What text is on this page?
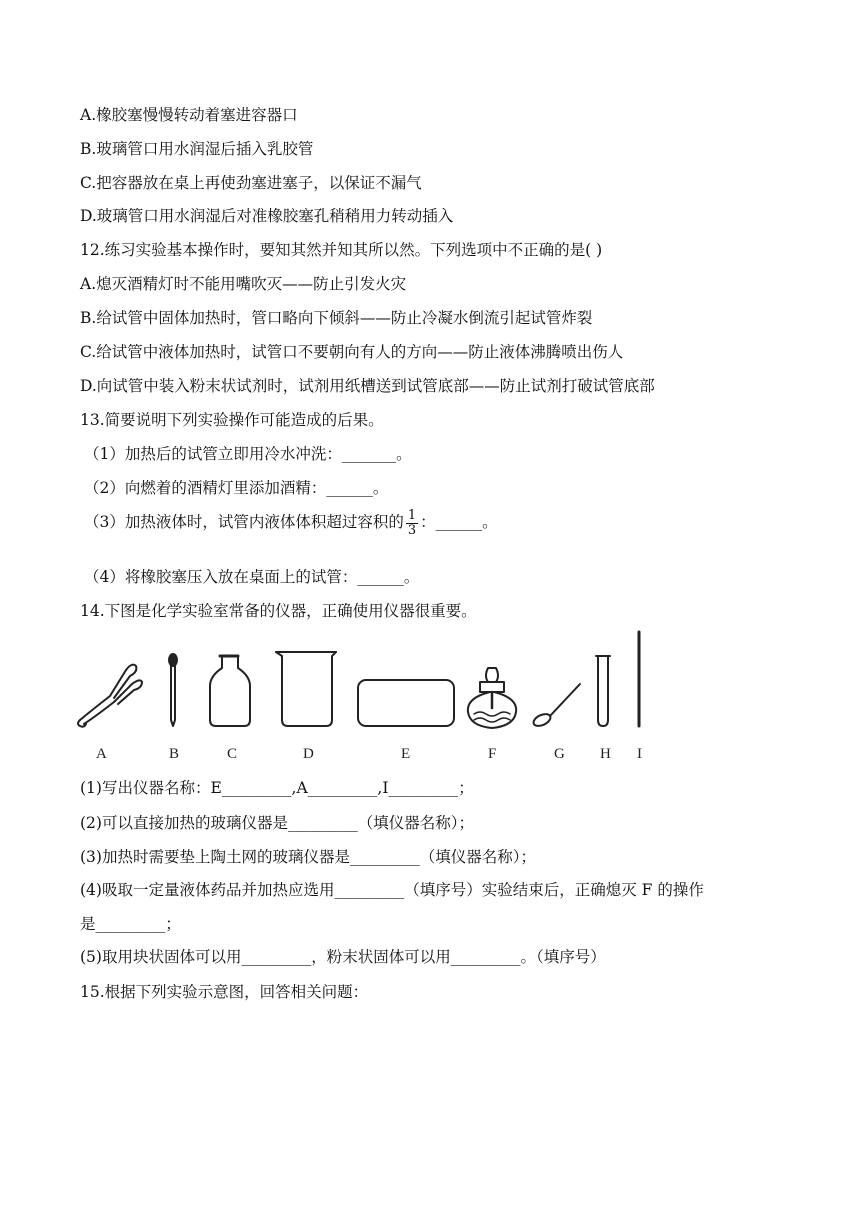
A.橡胶塞慢慢转动着塞进容器口
B.玻璃管口用水润湿后插入乳胶管
C.把容器放在桌上再使劲塞进塞子，以保证不漏气
D.玻璃管口用水润湿后对准橡胶塞孔稍稍用力转动插入
12.练习实验基本操作时，要知其然并知其所以然。下列选项中不正确的是( )
A.熄灭酒精灯时不能用嘴吹灭——防止引发火灾
B.给试管中固体加热时，管口略向下倾斜——防止冷凝水倒流引起试管炸裂
C.给试管中液体加热时，试管口不要朝向有人的方向——防止液体沸腾喷出伤人
D.向试管中装入粉末状试剂时，试剂用纸槽送到试管底部——防止试剂打破试管底部
13.简要说明下列实验操作可能造成的后果。
（1）加热后的试管立即用冷水冲洗：_______。
（2）向燃着的酒精灯里添加酒精：______。
（3）加热液体时，试管内液体体积超过容积的 $\frac{1}{3}$ ：______。
（4）将橡胶塞压入放在桌面上的试管：______。
14.下图是化学实验室常备的仪器，正确使用仪器很重要。
A	B	C	D	E	F	G H I
(1)写出仪器名称：E_________,A_________,I_________；
(2)可以直接加热的玻璃仪器是_________（填仪器名称）；
(3)加热时需要垫上陶土网的玻璃仪器是_________（填仪器名称）；
(4)吸取一定量液体药品并加热应选用_________（填序号）实验结束后，正确熄灭 F 的操作
是_________；
(5)取用块状固体可以用_________，粉末状固体可以用_________。（填序号）
15.根据下列实验示意图，回答相关问题：
